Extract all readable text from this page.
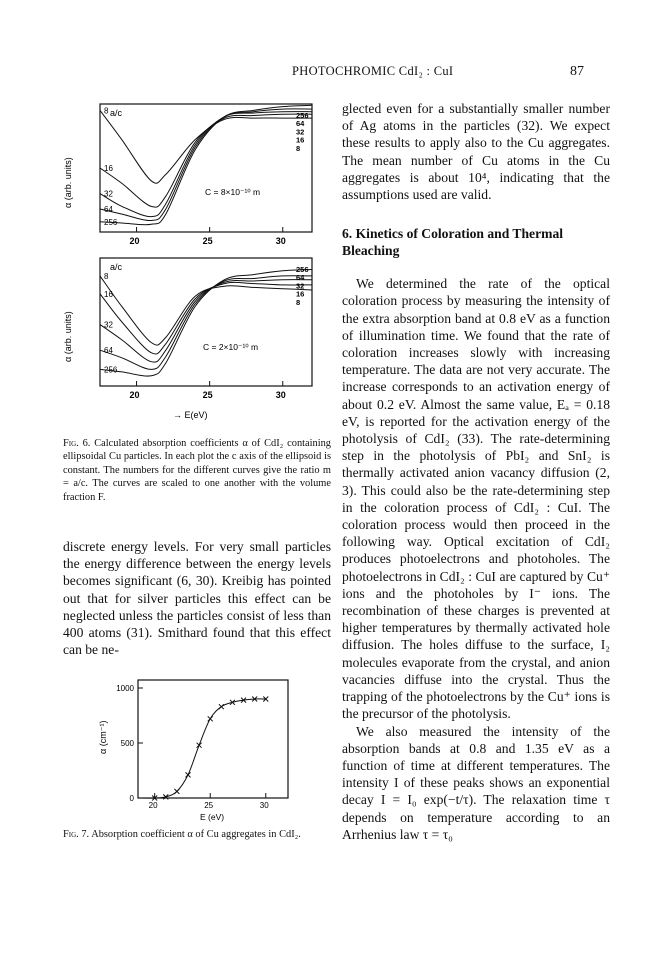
PHOTOCHROMIC CdI₂ : CuI	87
α (arb. units)
a/c
C = 8×10⁻¹⁰ m
8
16
32
64
256
256
64
32
16
8
20	25	30
α (arb. units)
a/c
C = 2×10⁻¹⁰ m
8
16
32
64
256
256
64
32
16
8
20	25	30
→ E(eV)
Fig. 6. Calculated absorption coefficients α of CdI₂ containing ellipsoidal Cu particles. In each plot the c axis of the ellipsoid is constant. The numbers for the different curves give the ratio m = a/c. The curves are scaled to one another with the volume fraction F.

discrete energy levels. For very small particles the energy difference between the energy levels becomes significant (6, 30). Kreibig has pointed out that for silver particles this effect can be neglected unless the particles consist of less than 400 atoms (31). Smithard found that this effect can be ne-

α (cm⁻¹)
0
500
1000
20	25	30
E (eV)
Fig. 7. Absorption coefficient α of Cu aggregates in CdI₂.

glected even for a substantially smaller number of Ag atoms in the particles (32). We expect these results to apply also to the Cu aggregates. The mean number of Cu atoms in the Cu aggregates is about 10⁴, indicating that the assumptions used are valid.

6. Kinetics of Coloration and Thermal Bleaching

We determined the rate of the optical coloration process by measuring the intensity of the extra absorption band at 0.8 eV as a function of illumination time. We found that the rate of coloration increases slowly with increasing temperature. The data are not very accurate. The increase corresponds to an activation energy of about 0.2 eV. Almost the same value, Eₐ = 0.18 eV, is reported for the activation energy of the photolysis of CdI₂ (33). The rate-determining step in the photolysis of PbI₂ and SnI₂ is thermally activated anion vacancy diffusion (2, 3). This could also be the rate-determining step in the coloration process of CdI₂ : CuI. The coloration process would then proceed in the following way. Optical excitation of CdI₂ produces photoelectrons and photoholes. The photoelectrons in CdI₂ : CuI are captured by Cu⁺ ions and the photoholes by I⁻ ions. The recombination of these charges is prevented at higher temperatures by thermally activated hole diffusion. The holes diffuse to the surface, I₂ molecules evaporate from the crystal, and anion vacancies diffuse into the crystal. Thus the trapping of the photoelectrons by the Cu⁺ ions is the precursor of the photolysis.

We also measured the intensity of the absorption bands at 0.8 and 1.35 eV as a function of time at different temperatures. The intensity I of these peaks shows an exponential decay I = I₀ exp(−t/τ). The relaxation time τ depends on temperature according to an Arrhenius law τ = τ₀
